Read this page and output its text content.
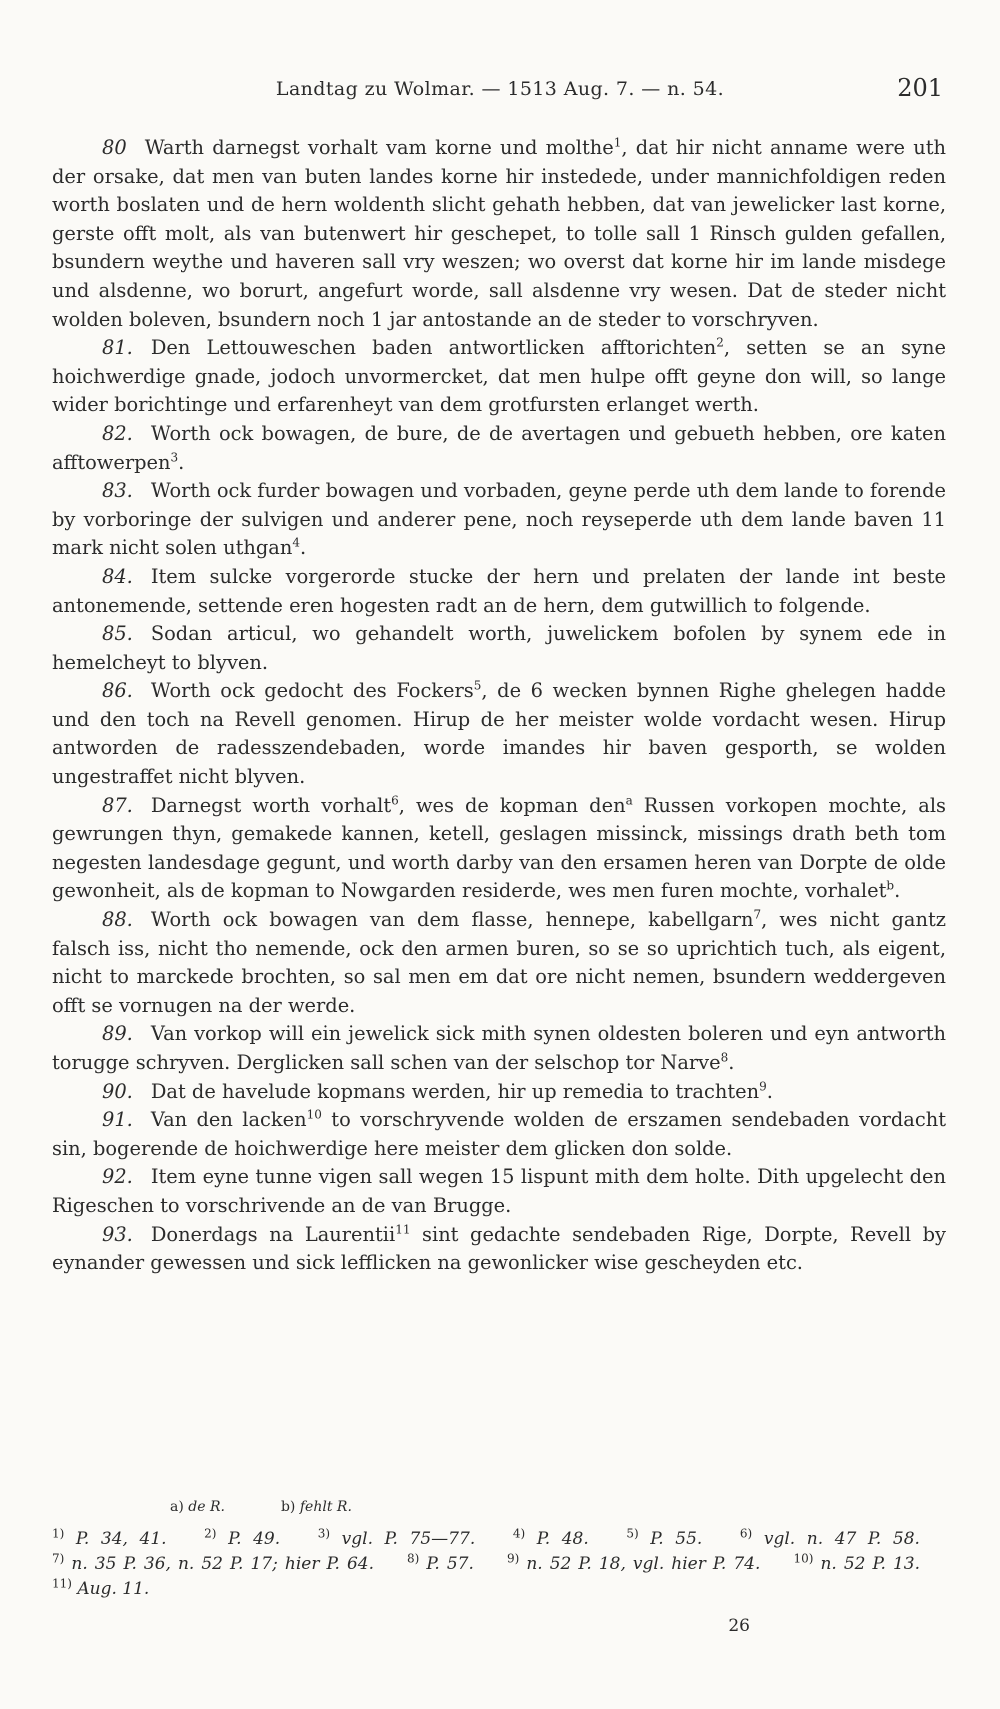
Landtag zu Wolmar. — 1513 Aug. 7. — n. 54.	201

80 Warth darnegst vorhalt vam korne und molthe$^1$, dat hir nicht anname were uth der orsake, dat men van buten landes korne hir instedede, under mannichfoldigen reden worth boslaten und de hern woldenth slicht gehath hebben, dat van jewelicker last korne, gerste offt molt, als van butenwert hir geschepet, to tolle sall 1 Rinsch gulden gefallen, bsundern weythe und haveren sall vry weszen; wo overst dat korne hir im lande misdege und alsdenne, wo borurt, angefurt worde, sall alsdenne vry wesen. Dat de steder nicht wolden boleven, bsundern noch 1 jar antostande an de steder to vorschryven.

81. Den Lettouweschen baden antwortlicken afftorichten$^2$, setten se an syne hoichwerdige gnade, jodoch unvormercket, dat men hulpe offt geyne don will, so lange wider borichtinge und erfarenheyt van dem grotfursten erlanget werth.

82. Worth ock bowagen, de bure, de de avertagen und gebueth hebben, ore katen afftowerpen$^3$.

83. Worth ock furder bowagen und vorbaden, geyne perde uth dem lande to forende by vorboringe der sulvigen und anderer pene, noch reyseperde uth dem lande baven 11 mark nicht solen uthgan$^4$.

84. Item sulcke vorgerorde stucke der hern und prelaten der lande int beste antonemende, settende eren hogesten radt an de hern, dem gutwillich to folgende.

85. Sodan articul, wo gehandelt worth, juwelickem bofolen by synem ede in hemelcheyt to blyven.

86. Worth ock gedocht des Fockers$^5$, de 6 wecken bynnen Righe ghelegen hadde und den toch na Revell genomen. Hirup de her meister wolde vordacht wesen. Hirup antworden de radesszendebaden, worde imandes hir baven gesporth, se wolden ungestraffet nicht blyven.

87. Darnegst worth vorhalt$^6$, wes de kopman den$^a$ Russen vorkopen mochte, als gewrungen thyn, gemakede kannen, ketell, geslagen missinck, missings drath beth tom negesten landesdage gegunt, und worth darby van den ersamen heren van Dorpte de olde gewonheit, als de kopman to Nowgarden residerde, wes men furen mochte, vorhalet$^b$.

88. Worth ock bowagen van dem flasse, hennepe, kabellgarn$^7$, wes nicht gantz falsch iss, nicht tho nemende, ock den armen buren, so se so uprichtich tuch, als eigent, nicht to marckede brochten, so sal men em dat ore nicht nemen, bsundern weddergeven offt se vornugen na der werde.

89. Van vorkop will ein jewelick sick mith synen oldesten boleren und eyn antworth torugge schryven. Derglicken sall schen van der selschop tor Narve$^8$.

90. Dat de havelude kopmans werden, hir up remedia to trachten$^9$.

91. Van den lacken$^{10}$ to vorschryvende wolden de erszamen sendebaden vordacht sin, bogerende de hoichwerdige here meister dem glicken don solde.

92. Item eyne tunne vigen sall wegen 15 lispunt mith dem holte. Dith upgelecht den Rigeschen to vorschrivende an de van Brugge.

93. Donerdags na Laurentii$^{11}$ sint gedachte sendebaden Rige, Dorpte, Revell by eynander gewessen und sick lefflicken na gewonlicker wise gescheyden etc.

a) de R.	b) fehlt R.

$^{1)}$ P. 34, 41.	$^{2)}$ P. 49.	$^{3)}$ vgl. P. 75—77.	$^{4)}$ P. 48.	$^{5)}$ P. 55.	$^{6)}$ vgl. n. 47 P. 58. $^{7)}$ n. 35 P. 36, n. 52 P. 17; hier P. 64.	$^{8)}$ P. 57.	$^{9)}$ n. 52 P. 18, vgl. hier P. 74.	$^{10)}$ n. 52 P. 13. $^{11)}$ Aug. 11.

26
